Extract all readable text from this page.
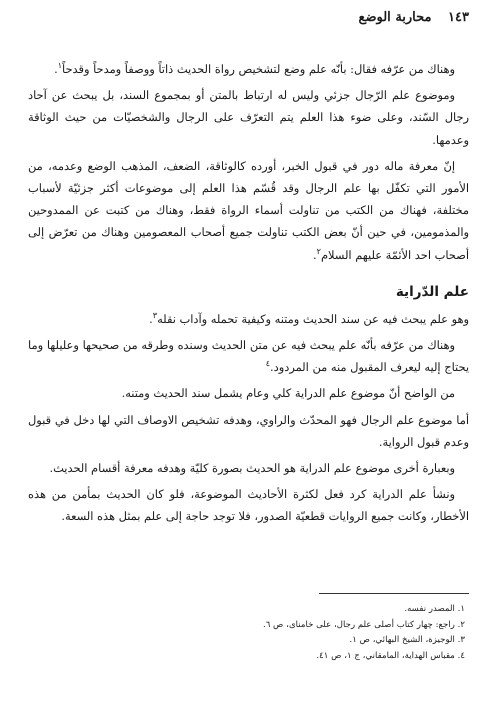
١٤٣ محاربة الوضع

وهناك من عرّفه فقال: بأنّه علم وضع لتشخيص رواة الحديث ذاتاً ووصفاً ومدحاً وقدحاً$^١$.

وموضوع علم الرّجال جزئي وليس له ارتباط بالمتن أو بمجموع السند، بل يبحث عن آحاد رجال السّند، وعلى ضوء هذا العلم يتم التعرّف على الرجال والشخصيّات من حيث الوثاقة وعدمها.

إنّ معرفة ماله دور في قبول الخبر، أورده كالوثاقة، الضعف، المذهب الوضع وعدمه، من الأمور التي تكفّل بها علم الرجال وقد قُسّم هذا العلم إلى موضوعات أكثر جزئيّة لأسباب مختلفة، فهناك من الكتب من تناولت أسماء الرواة فقط، وهناك من كتبت عن الممدوحين والمذمومين، في حين أنّ بعض الكتب تناولت جميع أصحاب المعصومين وهناك من تعرّض إلى أصحاب احد الأئمّة عليهم السلام$^٢$.

علم الدّراية

وهو علم يبحث فيه عن سند الحديث ومتنه وكيفية تحمله وآداب نقله$^٣$.

وهناك من عرّفه بأنّه علم يبحث فيه عن متن الحديث وسنده وطرقه من صحيحها وعليلها وما يحتاج إليه ليعرف المقبول منه من المردود.$^٤$

من الواضح أنّ موضوع علم الدراية كلي وعام يشمل سند الحديث ومتنه.

أما موضوع علم الرجال فهو المحدّث والراوي، وهدفه تشخيص الاوصاف التي لها دخل في قبول وعدم قبول الرواية.

وبعبارة أخرى موضوع علم الدراية هو الحديث بصورة كليّة وهدفه معرفة أقسام الحديث.

ونشأ علم الدراية كرد فعل لكثرة الأحاديث الموضوعة، فلو كان الحديث بمأمن من هذه الأخطار، وكانت جميع الروايات قطعيّة الصدور، فلا توجد حاجة إلى علم بمثل هذه السعة.

١. المصدر نفسه.
٢. راجع: چهار كتاب أصلى علم رجال، على خامناى، ص ٦.
٣. الوجيزة، الشيخ البهائي، ص ١.
٤. مقباس الهداية، المامقاني، ج ١، ص ٤١.
